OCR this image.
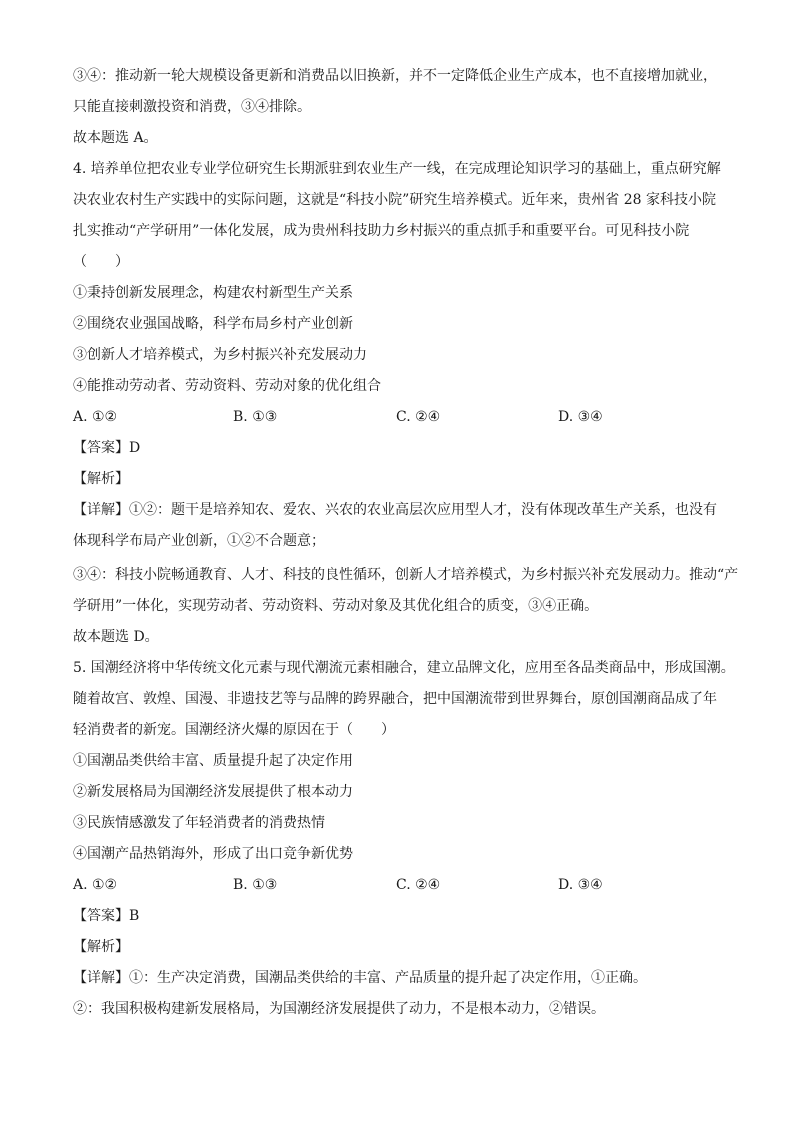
③④：推动新一轮大规模设备更新和消费品以旧换新，并不一定降低企业生产成本，也不直接增加就业，
只能直接刺激投资和消费，③④排除。
故本题选 A。
4. 培养单位把农业专业学位研究生长期派驻到农业生产一线，在完成理论知识学习的基础上，重点研究解
决农业农村生产实践中的实际问题，这就是“科技小院”研究生培养模式。近年来，贵州省 28 家科技小院
扎实推动“产学研用”一体化发展，成为贵州科技助力乡村振兴的重点抓手和重要平台。可见科技小院
（　　）
①秉持创新发展理念，构建农村新型生产关系
②围绕农业强国战略，科学布局乡村产业创新
③创新人才培养模式，为乡村振兴补充发展动力
④能推动劳动者、劳动资料、劳动对象的优化组合
A. ①②	B. ①③	C. ②④	D. ③④
【答案】D
【解析】
【详解】①②：题干是培养知农、爱农、兴农的农业高层次应用型人才，没有体现改革生产关系，也没有
体现科学布局产业创新，①②不合题意；
③④：科技小院畅通教育、人才、科技的良性循环，创新人才培养模式，为乡村振兴补充发展动力。推动“产
学研用”一体化，实现劳动者、劳动资料、劳动对象及其优化组合的质变，③④正确。
故本题选 D。
5. 国潮经济将中华传统文化元素与现代潮流元素相融合，建立品牌文化，应用至各品类商品中，形成国潮。
随着故宫、敦煌、国漫、非遗技艺等与品牌的跨界融合，把中国潮流带到世界舞台，原创国潮商品成了年
轻消费者的新宠。国潮经济火爆的原因在于（　　）
①国潮品类供给丰富、质量提升起了决定作用
②新发展格局为国潮经济发展提供了根本动力
③民族情感激发了年轻消费者的消费热情
④国潮产品热销海外，形成了出口竞争新优势
A. ①②	B. ①③	C. ②④	D. ③④
【答案】B
【解析】
【详解】①：生产决定消费，国潮品类供给的丰富、产品质量的提升起了决定作用，①正确。
②：我国积极构建新发展格局，为国潮经济发展提供了动力，不是根本动力，②错误。
